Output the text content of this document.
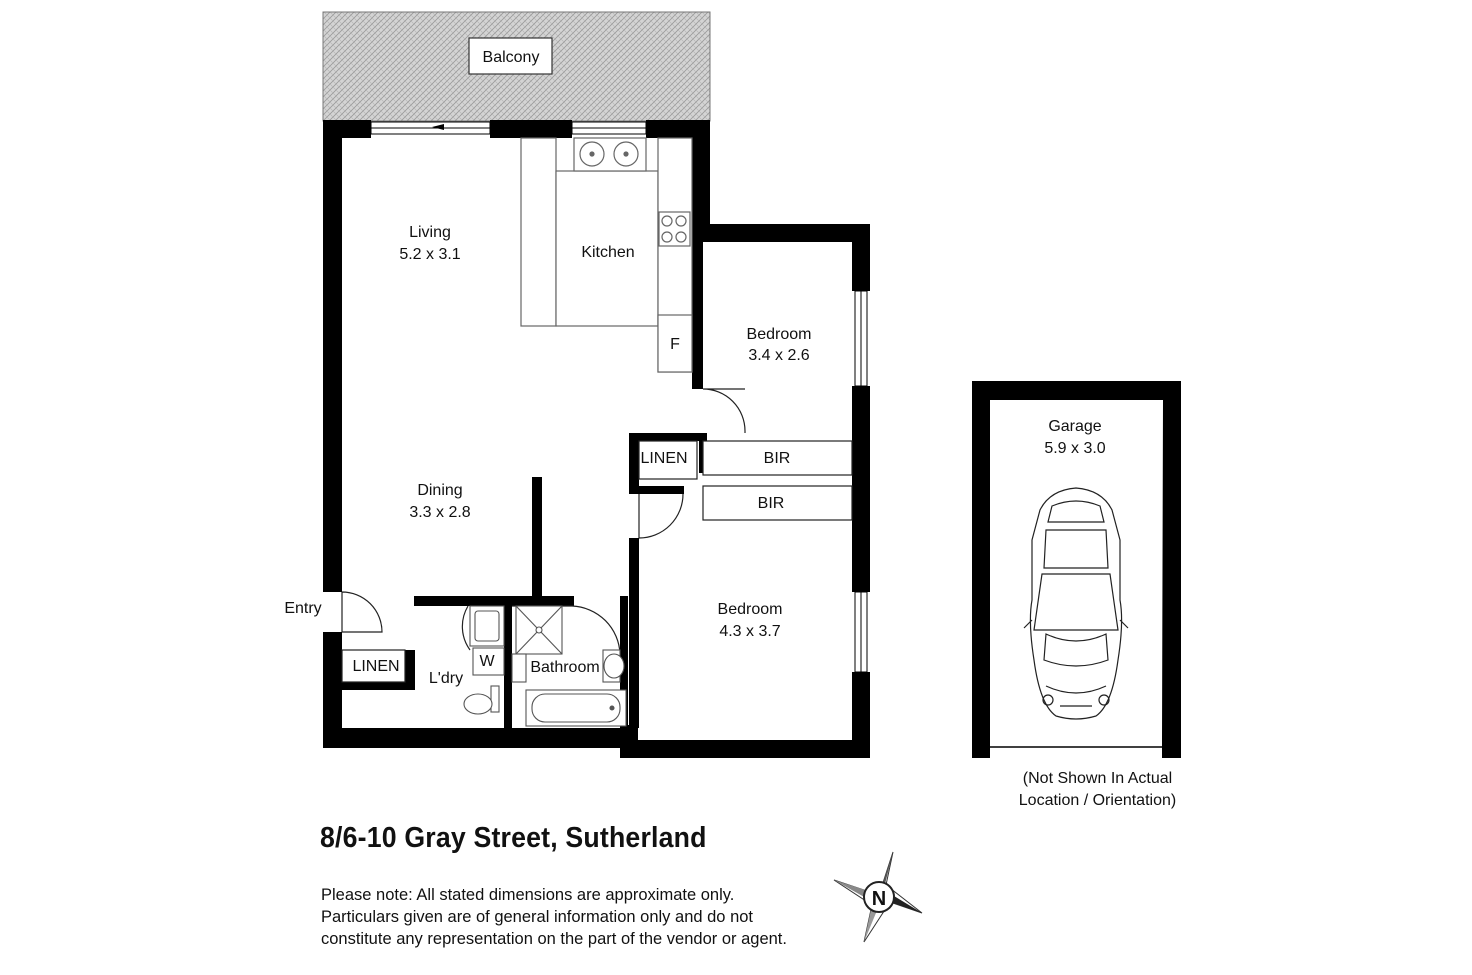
Balcony
Living
5.2 x 3.1	Kitchen
F
Bedroom
3.4 x 2.6
LINEN	BIR
BIR
Dining
3.3 x 2.8
Entry
LINEN	W
L'dry
Bathroom
Bedroom
4.3 x 3.7
Garage
5.9 x 3.0
N
(Not Shown In Actual
Location / Orientation)
8/6-10 Gray Street, Sutherland
Please note: All stated dimensions are approximate only.
Particulars given are of general information only and do not
constitute any representation on the part of the vendor or agent.
